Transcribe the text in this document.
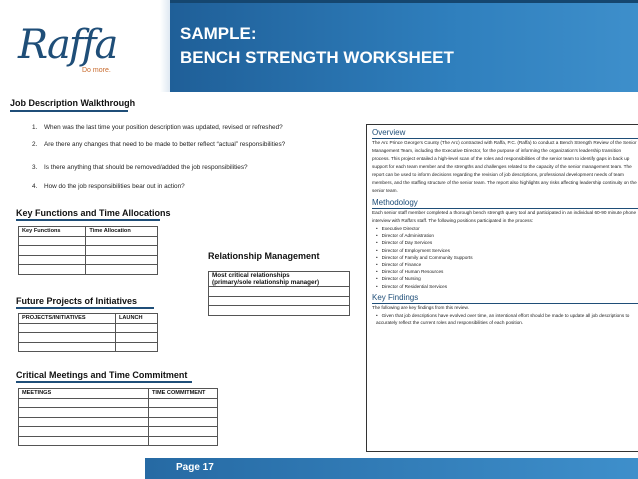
Raffa
Do more.
SAMPLE:
BENCH STRENGTH WORKSHEET
Job Description Walkthrough
1. When was the last time your position description was updated, revised or refreshed?
2. Are there any changes that need to be made to better reflect “actual” responsibilities?
3. Is there anything that should be removed/added the job responsibilities?
4. How do the job responsibilities bear out in action?
Key Functions and Time Allocations
Key Functions	Time Allocation

Relationship Management
Most critical relationships
(primary/sole relationship manager)

Future Projects of Initiatives
PROJECTS/INITIATIVES	LAUNCH

Critical Meetings and Time Commitment
MEETINGS	TIME COMMITMENT

Overview
The Arc Prince George's County (The Arc) contracted with Raffa, P.C. (Raffa) to conduct a Bench Strength Review of the Senior Management Team, including the Executive Director, for the purpose of informing the organization's leadership transition process. This project entailed a high-level scan of the roles and responsibilities of the senior team to identify gaps in back up support for each team member and the strengths and challenges related to the capacity of the senior management team. The report can be used to inform decisions regarding the revision of job descriptions, professional development needs of team members, and the staffing structure of the senior team. The report also highlights any risks affecting leadership continuity on the senior team.
Methodology
Each senior staff member completed a thorough bench strength query tool and participated in an individual 60-90 minute phone interview with Raffa's staff. The following positions participated in the process:
• Executive Director
• Director of Administration
• Director of Day Services
• Director of Employment Services
• Director of Family and Community Supports
• Director of Finance
• Director of Human Resources
• Director of Nursing
• Director of Residential Services
Key Findings
The following are key findings from this review.
• Given that job descriptions have evolved over time, an intentional effort should be made to update all job descriptions to accurately reflect the current roles and responsibilities of each position.
Page 17
